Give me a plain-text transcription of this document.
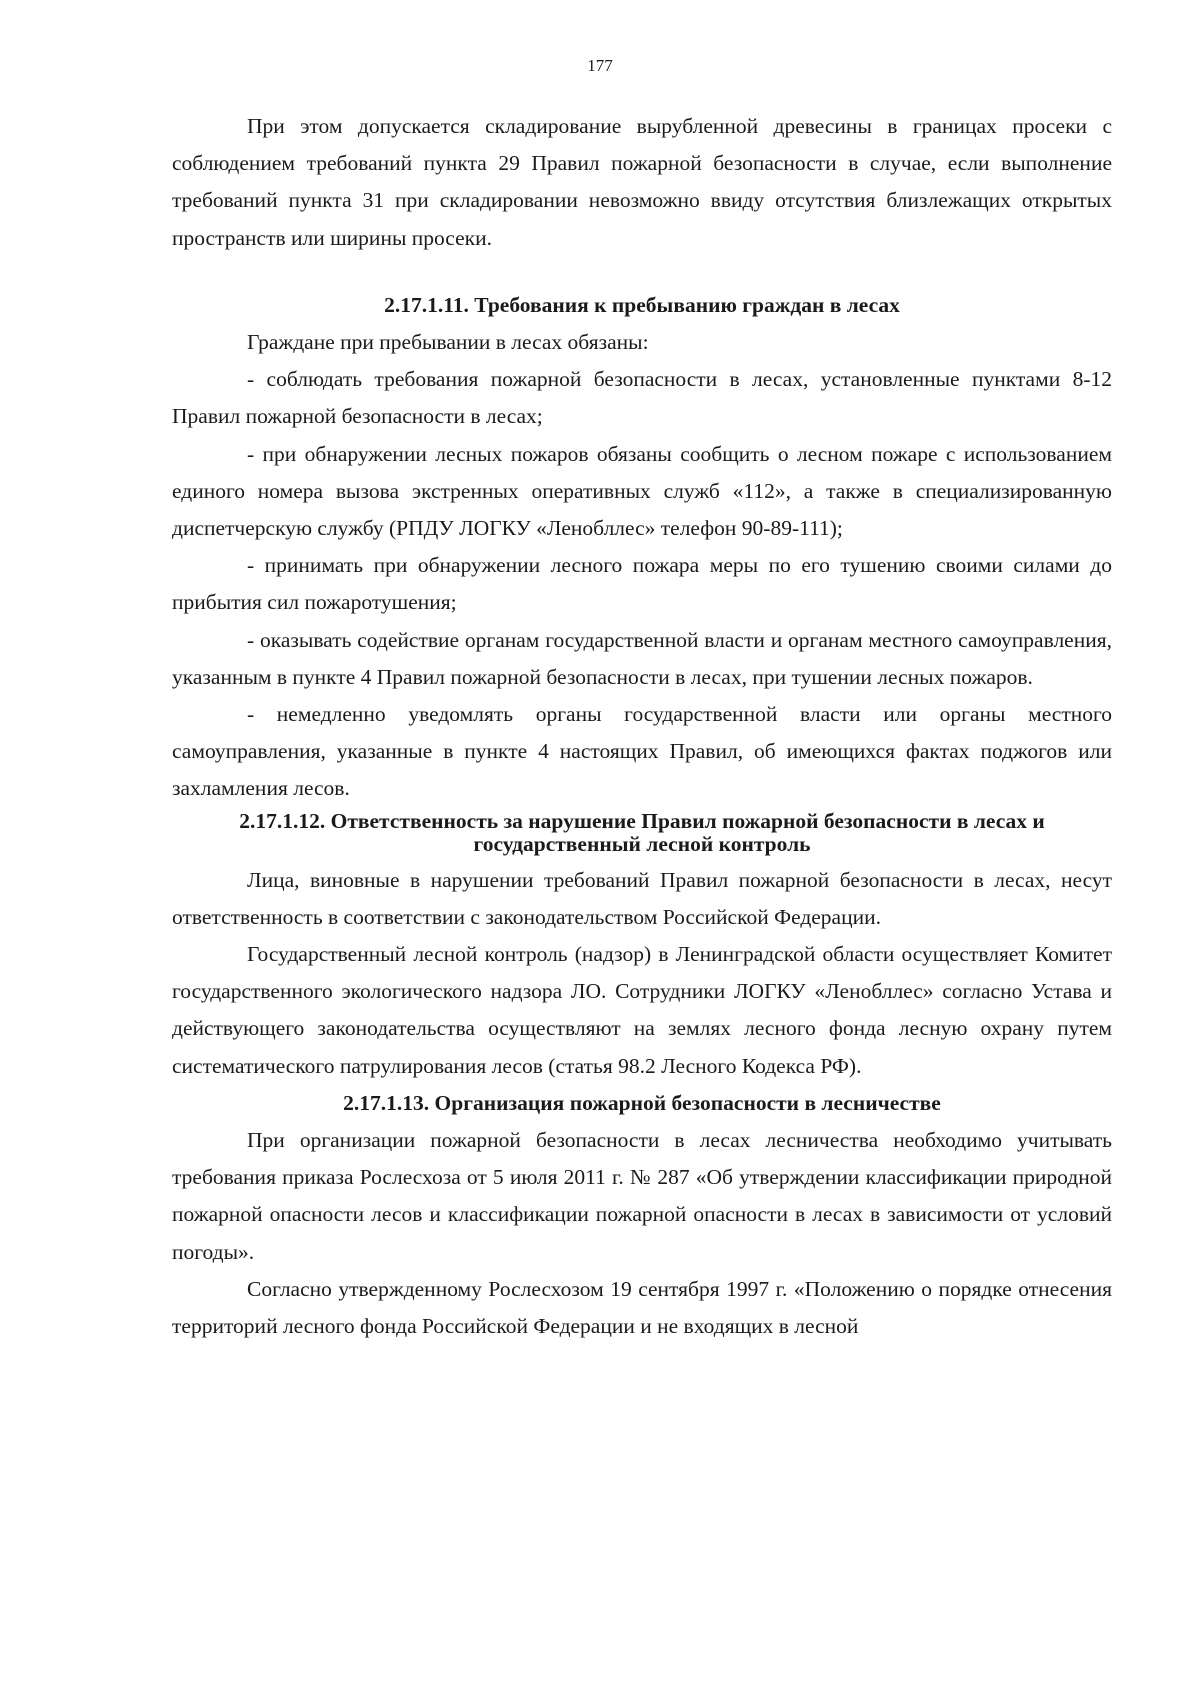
177

При этом допускается складирование вырубленной древесины в границах просеки с соблюдением требований пункта 29 Правил пожарной безопасности в случае, если выполнение требований пункта 31 при складировании невозможно ввиду отсутствия близлежащих открытых пространств или ширины просеки.

2.17.1.11. Требования к пребыванию граждан в лесах

Граждане при пребывании в лесах обязаны:

- соблюдать требования пожарной безопасности в лесах, установленные пунктами 8-12 Правил пожарной безопасности в лесах;

- при обнаружении лесных пожаров обязаны сообщить о лесном пожаре с использованием единого номера вызова экстренных оперативных служб «112», а также в специализированную диспетчерскую службу (РПДУ ЛОГКУ «Ленобллес» телефон 90-89-111);

- принимать при обнаружении лесного пожара меры по его тушению своими силами до прибытия сил пожаротушения;

- оказывать содействие органам государственной власти и органам местного самоуправления, указанным в пункте 4 Правил пожарной безопасности в лесах, при тушении лесных пожаров.

- немедленно уведомлять органы государственной власти или органы местного самоуправления, указанные в пункте 4 настоящих Правил, об имеющихся фактах поджогов или захламления лесов.

2.17.1.12. Ответственность за нарушение Правил пожарной безопасности в лесах и
государственный лесной контроль

Лица, виновные в нарушении требований Правил пожарной безопасности в лесах, несут ответственность в соответствии с законодательством Российской Федерации.

Государственный лесной контроль (надзор) в Ленинградской области осуществляет Комитет государственного экологического надзора ЛО. Сотрудники ЛОГКУ «Ленобллес» согласно Устава и действующего законодательства осуществляют на землях лесного фонда лесную охрану путем систематического патрулирования лесов (статья 98.2 Лесного Кодекса РФ).

2.17.1.13. Организация пожарной безопасности в лесничестве

При организации пожарной безопасности в лесах лесничества необходимо учитывать требования приказа Рослесхоза от 5 июля 2011 г. № 287 «Об утверждении классификации природной пожарной опасности лесов и классификации пожарной опасности в лесах в зависимости от условий погоды».

Согласно утвержденному Рослесхозом 19 сентября 1997 г. «Положению о порядке отнесения территорий лесного фонда Российской Федерации и не входящих в лесной
